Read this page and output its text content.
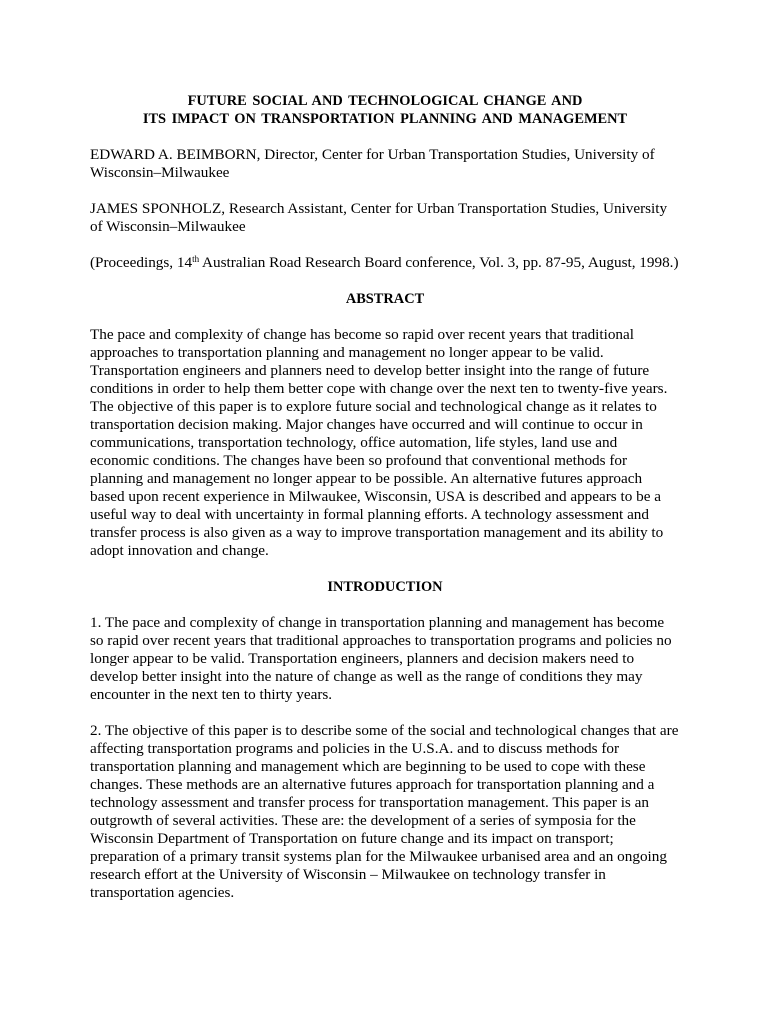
FUTURE SOCIAL AND TECHNOLOGICAL CHANGE AND
ITS IMPACT ON TRANSPORTATION PLANNING AND MANAGEMENT

EDWARD A. BEIMBORN, Director, Center for Urban Transportation Studies, University of Wisconsin–Milwaukee

JAMES SPONHOLZ, Research Assistant, Center for Urban Transportation Studies, University of Wisconsin–Milwaukee

(Proceedings, 14th Australian Road Research Board conference, Vol. 3, pp. 87-95, August, 1998.)

ABSTRACT

The pace and complexity of change has become so rapid over recent years that traditional approaches to transportation planning and management no longer appear to be valid. Transportation engineers and planners need to develop better insight into the range of future conditions in order to help them better cope with change over the next ten to twenty-five years. The objective of this paper is to explore future social and technological change as it relates to transportation decision making. Major changes have occurred and will continue to occur in communications, transportation technology, office automation, life styles, land use and economic conditions. The changes have been so profound that conventional methods for planning and management no longer appear to be possible. An alternative futures approach based upon recent experience in Milwaukee, Wisconsin, USA is described and appears to be a useful way to deal with uncertainty in formal planning efforts. A technology assessment and transfer process is also given as a way to improve transportation management and its ability to adopt innovation and change.

INTRODUCTION

1. The pace and complexity of change in transportation planning and management has become so rapid over recent years that traditional approaches to transportation programs and policies no longer appear to be valid. Transportation engineers, planners and decision makers need to develop better insight into the nature of change as well as the range of conditions they may encounter in the next ten to thirty years.

2. The objective of this paper is to describe some of the social and technological changes that are affecting transportation programs and policies in the U.S.A. and to discuss methods for transportation planning and management which are beginning to be used to cope with these changes. These methods are an alternative futures approach for transportation planning and a technology assessment and transfer process for transportation management. This paper is an outgrowth of several activities. These are: the development of a series of symposia for the Wisconsin Department of Transportation on future change and its impact on transport; preparation of a primary transit systems plan for the Milwaukee urbanised area and an ongoing research effort at the University of Wisconsin – Milwaukee on technology transfer in transportation agencies.
